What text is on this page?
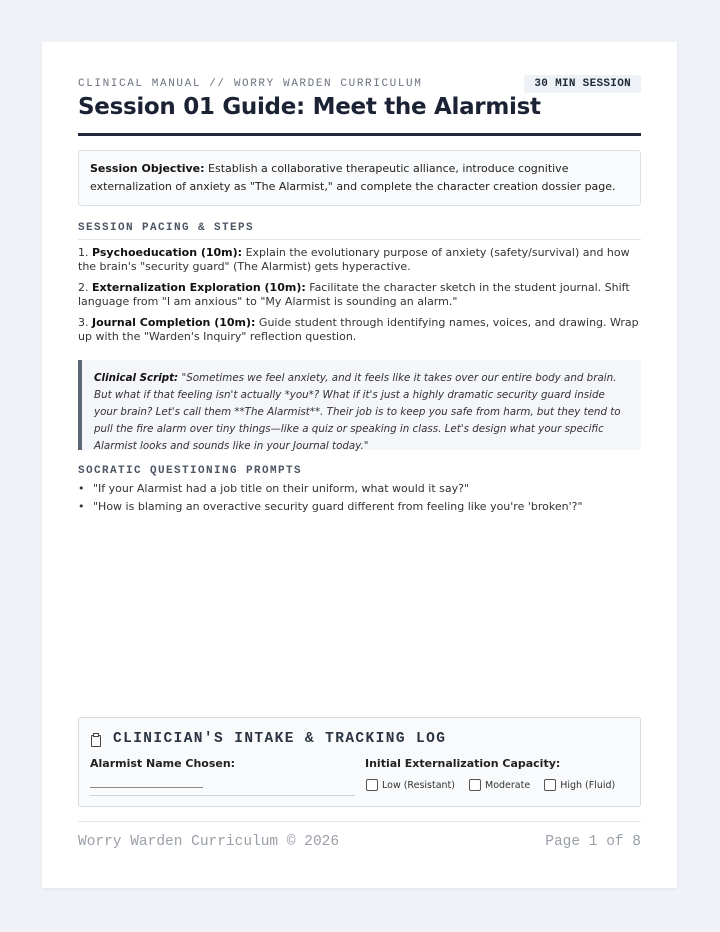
CLINICAL MANUAL // WORRY WARDEN CURRICULUM	30 MIN SESSION
Session 01 Guide: Meet the Alarmist
Session Objective: Establish a collaborative therapeutic alliance, introduce cognitive externalization of anxiety as "The Alarmist," and complete the character creation dossier page.
SESSION PACING & STEPS
1. Psychoeducation (10m): Explain the evolutionary purpose of anxiety (safety/survival) and how the brain's "security guard" (The Alarmist) gets hyperactive.
2. Externalization Exploration (10m): Facilitate the character sketch in the student journal. Shift language from "I am anxious" to "My Alarmist is sounding an alarm."
3. Journal Completion (10m): Guide student through identifying names, voices, and drawing. Wrap up with the "Warden's Inquiry" reflection question.
Clinical Script: "Sometimes we feel anxiety, and it feels like it takes over our entire body and brain. But what if that feeling isn't actually *you*? What if it's just a highly dramatic security guard inside your brain? Let's call them **The Alarmist**. Their job is to keep you safe from harm, but they tend to pull the fire alarm over tiny things—like a quiz or speaking in class. Let's design what your specific Alarmist looks and sounds like in your Journal today."
SOCRATIC QUESTIONING PROMPTS
• "If your Alarmist had a job title on their uniform, what would it say?"
• "How is blaming an overactive security guard different from feeling like you're 'broken'?"
CLINICIAN'S INTAKE & TRACKING LOG
Alarmist Name Chosen:	Initial Externalization Capacity:
Low (Resistant)	Moderate	High (Fluid)
Worry Warden Curriculum © 2026	Page 1 of 8
